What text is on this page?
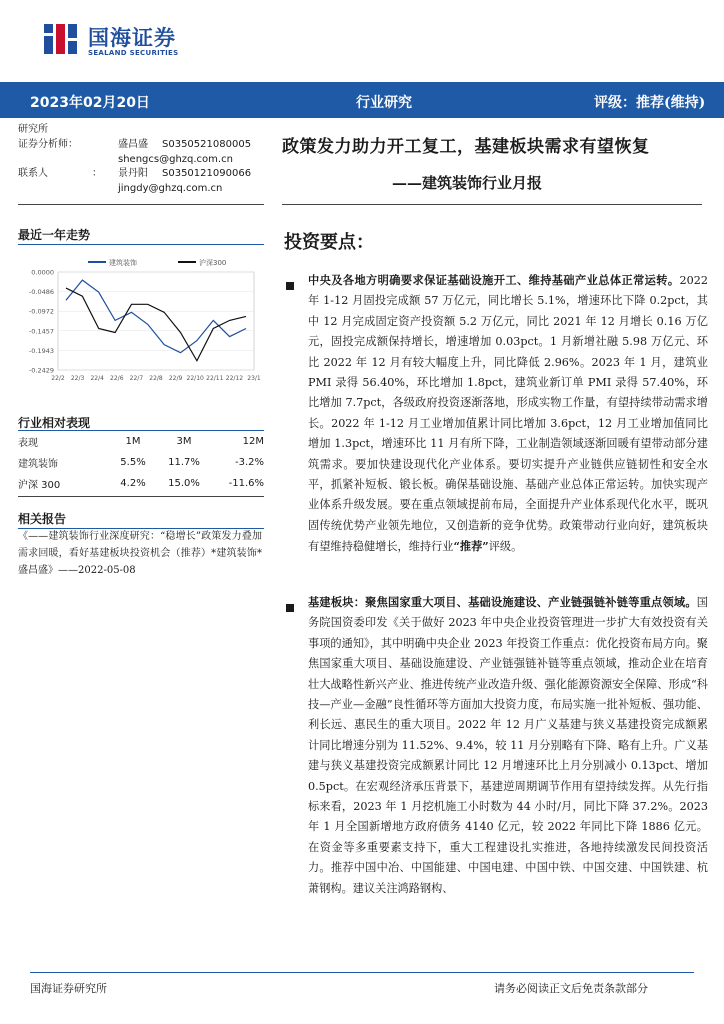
国海证券
SEALAND SECURITIES
2023年02月20日	行业研究	评级：推荐(维持)
研究所
证券分析师：	盛昌盛 S0350521080005
shengcs@ghzq.com.cn
联系人	： 景丹阳 S0350121090066
jingdy@ghzq.com.cn
最近一年走势
建筑装饰	沪深300
0.0000
-0.0486
-0.0972
-0.1457
-0.1943
-0.2429
22/2 22/3 22/4 22/6 22/7 22/8 22/9 22/10 22/11 22/12 23/1
行业相对表现
表现	1M	3M	12M
建筑装饰	5.5%	11.7%	-3.2%
沪深 300	4.2%	15.0%	-11.6%
相关报告
《——建筑装饰行业深度研究：“稳增长”政策发力叠加需求回暖，看好基建板块投资机会（推荐）*建筑装饰*盛昌盛》——2022-05-08
政策发力助力开工复工，基建板块需求有望恢复
——建筑装饰行业月报
投资要点：
中央及各地方明确要求保证基础设施开工、维持基础产业总体正常运转。2022 年 1-12 月固投完成额 57 万亿元，同比增长 5.1%，增速环比下降 0.2pct，其中 12 月完成固定资产投资额 5.2 万亿元，同比 2021 年 12 月增长 0.16 万亿元，固投完成额保持增长，增速增加 0.03pct。1 月新增社融 5.98 万亿元、环比 2022 年 12 月有较大幅度上升，同比降低 2.96%。2023 年 1 月，建筑业 PMI 录得 56.40%，环比增加 1.8pct，建筑业新订单 PMI 录得 57.40%，环比增加 7.7pct，各级政府投资逐渐落地，形成实物工作量，有望持续带动需求增长。2022 年 1-12 月工业增加值累计同比增加 3.6pct，12 月工业增加值同比增加 1.3pct，增速环比 11 月有所下降，工业制造领域逐渐回暖有望带动部分建筑需求。要加快建设现代化产业体系。要切实提升产业链供应链韧性和安全水平，抓紧补短板、锻长板。确保基础设施、基础产业总体正常运转。加快实现产业体系升级发展。要在重点领域提前布局，全面提升产业体系现代化水平，既巩固传统优势产业领先地位，又创造新的竞争优势。政策带动行业向好，建筑板块有望维持稳健增长，维持行业“推荐”评级。
基建板块：聚焦国家重大项目、基础设施建设、产业链强链补链等重点领域。国务院国资委印发《关于做好 2023 年中央企业投资管理进一步扩大有效投资有关事项的通知》，其中明确中央企业 2023 年投资工作重点：优化投资布局方向。聚焦国家重大项目、基础设施建设、产业链强链补链等重点领域，推动企业在培育壮大战略性新兴产业、推进传统产业改造升级、强化能源资源安全保障、形成“科技—产业—金融”良性循环等方面加大投资力度，布局实施一批补短板、强功能、利长远、惠民生的重大项目。2022 年 12 月广义基建与狭义基建投资完成额累计同比增速分别为 11.52%、9.4%，较 11 月分别略有下降、略有上升。广义基建与狭义基建投资完成额累计同比 12 月增速环比上月分别减小 0.13pct、增加 0.5pct。在宏观经济承压背景下，基建逆周期调节作用有望持续发挥。从先行指标来看，2023 年 1 月挖机施工小时数为 44 小时/月，同比下降 37.2%。2023 年 1 月全国新增地方政府债务 4140 亿元，较 2022 年同比下降 1886 亿元。在资金等多重要素支持下，重大工程建设扎实推进，各地持续激发民间投资活力。推荐中国中冶、中国能建、中国电建、中国中铁、中国交建、中国铁建、杭萧钢构。建议关注鸿路钢构、
国海证券研究所	请务必阅读正文后免责条款部分
